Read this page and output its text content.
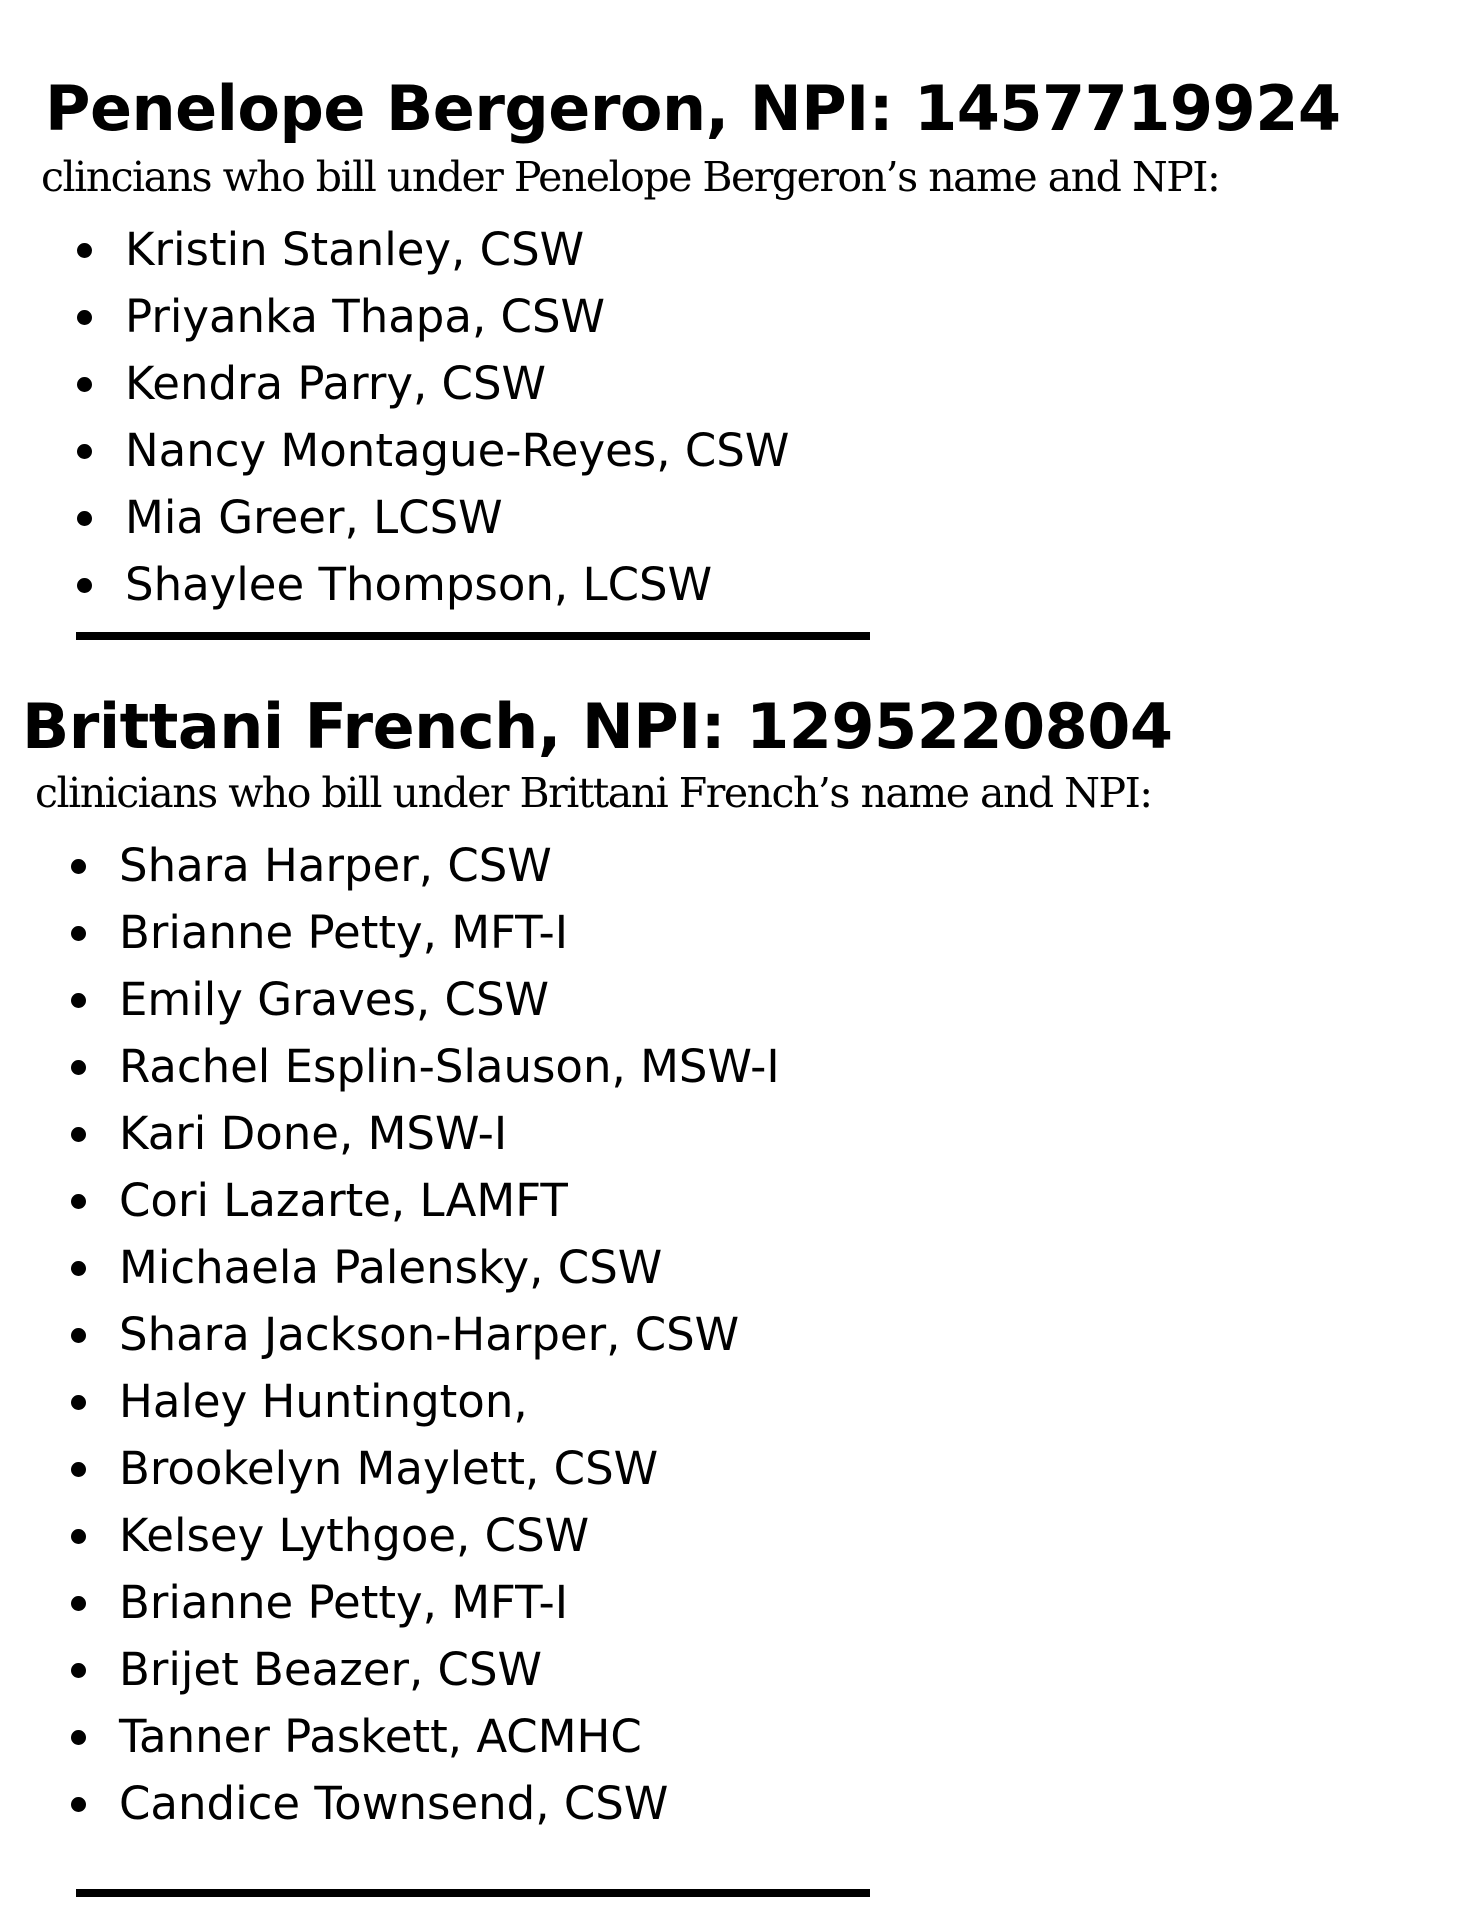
Penelope Bergeron, NPI: 1457719924
clincians who bill under Penelope Bergeron’s name and NPI:
Kristin Stanley, CSW
Priyanka Thapa, CSW
Kendra Parry, CSW
Nancy Montague-Reyes, CSW
Mia Greer, LCSW
Shaylee Thompson, LCSW
Brittani French, NPI: 1295220804
clinicians who bill under Brittani French’s name and NPI:
Shara Harper, CSW
Brianne Petty, MFT-I
Emily Graves, CSW
Rachel Esplin-Slauson, MSW-I
Kari Done, MSW-I
Cori Lazarte, LAMFT
Michaela Palensky, CSW
Shara Jackson-Harper, CSW
Haley Huntington,
Brookelyn Maylett, CSW
Kelsey Lythgoe, CSW
Brianne Petty, MFT-I
Brijet Beazer, CSW
Tanner Paskett, ACMHC
Candice Townsend, CSW
